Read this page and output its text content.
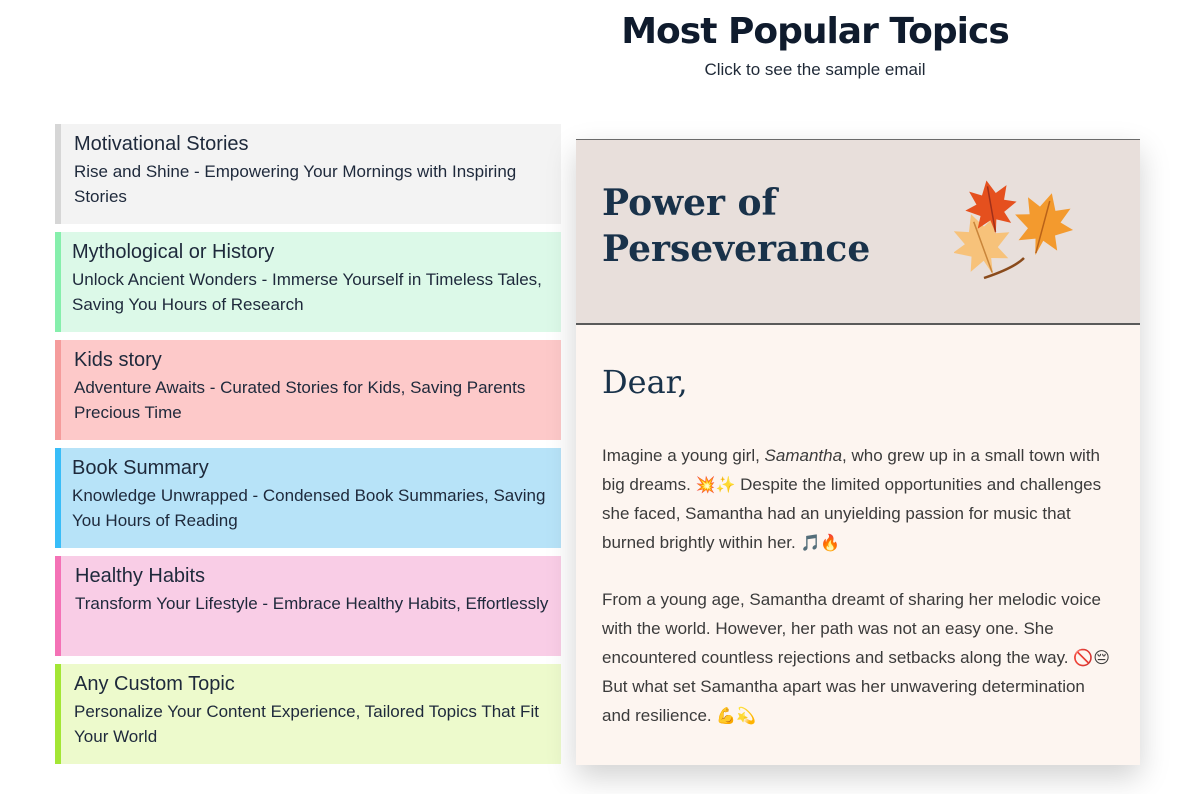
Most Popular Topics

Click to see the sample email

Motivational Stories
Rise and Shine - Empowering Your Mornings with Inspiring Stories
Mythological or History
Unlock Ancient Wonders - Immerse Yourself in Timeless Tales, Saving You Hours of Research
Kids story
Adventure Awaits - Curated Stories for Kids, Saving Parents Precious Time
Book Summary
Knowledge Unwrapped - Condensed Book Summaries, Saving You Hours of Reading
Healthy Habits
Transform Your Lifestyle - Embrace Healthy Habits, Effortlessly
Any Custom Topic
Personalize Your Content Experience, Tailored Topics That Fit Your World
Power of
Perseverance
Dear,

Imagine a young girl, Samantha, who grew up in a small town with big dreams. 💥✨ Despite the limited opportunities and challenges she faced, Samantha had an unyielding passion for music that burned brightly within her. 🎵🔥

From a young age, Samantha dreamt of sharing her melodic voice with the world. However, her path was not an easy one. She encountered countless rejections and setbacks along the way. 🚫😔 But what set Samantha apart was her unwavering determination and resilience. 💪💫
